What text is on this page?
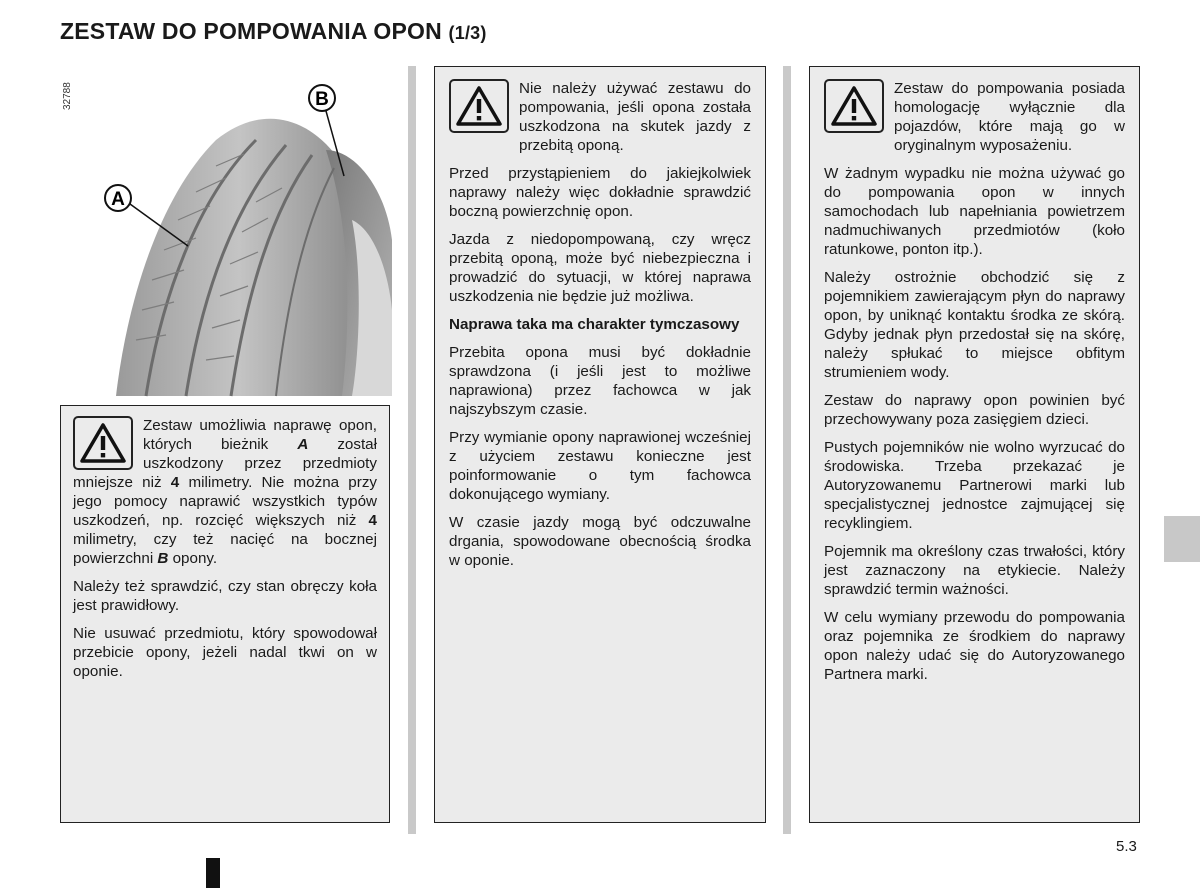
ZESTAW DO POMPOWANIA OPON (1/3)
32788	B
A

Zestaw umożliwia naprawę opon, których bieżnik A został uszkodzony przez przedmioty mniejsze niż 4 milimetry. Nie można przy jego pomocy naprawić wszystkich typów uszkodzeń, np. rozcięć większych niż 4 milimetry, czy też nacięć na bocznej powierzchni B opony.

Należy też sprawdzić, czy stan obręczy koła jest prawidłowy.

Nie usuwać przedmiotu, który spowodował przebicie opony, jeżeli nadal tkwi on w oponie.

Nie należy używać zestawu do pompowania, jeśli opona została uszkodzona na skutek jazdy z przebitą oponą.

Przed przystąpieniem do jakiejkolwiek naprawy należy więc dokładnie sprawdzić boczną powierzchnię opon.

Jazda z niedopompowaną, czy wręcz przebitą oponą, może być niebezpieczna i prowadzić do sytuacji, w której naprawa uszkodzenia nie będzie już możliwa.

Naprawa taka ma charakter tymczasowy

Przebita opona musi być dokładnie sprawdzona (i jeśli jest to możliwe naprawiona) przez fachowca w jak najszybszym czasie.

Przy wymianie opony naprawionej wcześniej z użyciem zestawu konieczne jest poinformowanie o tym fachowca dokonującego wymiany.

W czasie jazdy mogą być odczuwalne drgania, spowodowane obecnością środka w oponie.

Zestaw do pompowania posiada homologację wyłącznie dla pojazdów, które mają go w oryginalnym wyposażeniu.

W żadnym wypadku nie można używać go do pompowania opon w innych samochodach lub napełniania powietrzem nadmuchiwanych przedmiotów (koło ratunkowe, ponton itp.).

Należy ostrożnie obchodzić się z pojemnikiem zawierającym płyn do naprawy opon, by uniknąć kontaktu środka ze skórą. Gdyby jednak płyn przedostał się na skórę, należy spłukać to miejsce obfitym strumieniem wody.

Zestaw do naprawy opon powinien być przechowywany poza zasięgiem dzieci.

Pustych pojemników nie wolno wyrzucać do środowiska. Trzeba przekazać je Autoryzowanemu Partnerowi marki lub specjalistycznej jednostce zajmującej się recyklingiem.

Pojemnik ma określony czas trwałości, który jest zaznaczony na etykiecie. Należy sprawdzić termin ważności.

W celu wymiany przewodu do pompowania oraz pojemnika ze środkiem do naprawy opon należy udać się do Autoryzowanego Partnera marki.

5.3
